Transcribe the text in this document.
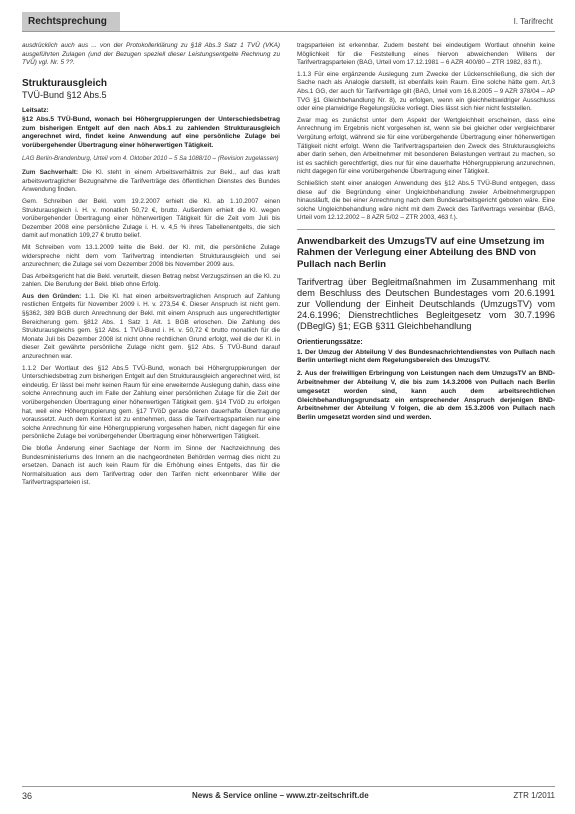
Rechtsprechung	I. Tarifrecht

ausdrücklich auch aus ... von der Protokollerklärung zu §18 Abs.3 Satz 1 TVÜ (VKA) ausgeführten Zulagen (und der Bezugen speziell dieser Leistungsentgelte Rechnung zu TVÜ) vgl. Nr. 5 ??.

Strukturausgleich
TVÜ-Bund §12 Abs.5
Leitsatz:

§12 Abs.5 TVÜ-Bund, wonach bei Höhergruppierungen der Unterschiedsbetrag zum bisherigen Entgelt auf den nach Abs.1 zu zahlenden Strukturausgleich angerechnet wird, findet keine Anwendung auf eine persönliche Zulage bei vorübergehender Übertragung einer höherwertigen Tätigkeit.

LAG Berlin-Brandenburg, Urteil vom 4. Oktober 2010 – 5 Sa 1088/10 – (Revision zugelassen)

Zum Sachverhalt: Die Kl. steht in einem Arbeitsverhältnis zur Bekl., auf das kraft arbeitsvertraglicher Bezugnahme die Tarifverträge des öffentlichen Dienstes des Bundes Anwendung finden.

Gem. Schreiben der Bekl. vom 19.2.2007 erhielt die Kl. ab 1.10.2007 einen Strukturausgleich i. H. v. monatlich 50,72 €, brutto. Außerdem erhielt die Kl. wegen vorübergehender Übertragung einer höherwertigen Tätigkeit für die Zeit vom Juli bis Dezember 2008 eine persönliche Zulage i. H. v. 4,5 % ihres Tabellenentgelts, die sich damit auf monatlich 109,27 € brutto belief.

Mit Schreiben vom 13.1.2009 teilte die Bekl. der Kl. mit, die persönliche Zulage widerspreche nicht dem vom Tarifvertrag intendierten Strukturausgleich und sei anzurechnen; die Zulage sei vom Dezember 2008 bis November 2009 aus.

Das Arbeitsgericht hat die Bekl. verurteilt, diesen Betrag nebst Verzugszinsen an die Kl. zu zahlen. Die Berufung der Bekl. blieb ohne Erfolg.

Aus den Gründen: 1.1. Die Kl. hat einen arbeitsvertraglichen Anspruch auf Zahlung restlichen Entgelts für November 2009 i. H. v. 273,54 €. Dieser Anspruch ist nicht gem. §§362, 389 BGB durch Anrechnung der Bekl. mit einem Anspruch aus ungerechtfertigter Bereicherung gem. §812 Abs. 1 Satz 1 Alt. 1 BGB erloschen. Die Zahlung des Strukturausgleichs gem. §12 Abs. 1 TVÜ-Bund i. H. v. 50,72 € brutto monatlich für die Monate Juli bis Dezember 2008 ist nicht ohne rechtlichen Grund erfolgt, weil die der Kl. in dieser Zeit gewährte persönliche Zulage nicht gem. §12 Abs. 5 TVÜ-Bund darauf anzurechnen war.

1.1.2 Der Wortlaut des §12 Abs.5 TVÜ-Bund, wonach bei Höhergruppierungen der Unterschiedsbetrag zum bisherigen Entgelt auf den Strukturausgleich angerechnet wird, ist eindeutig. Er lässt bei mehr keinen Raum für eine erweiternde Auslegung dahin, dass eine solche Anrechnung auch im Falle der Zahlung einer persönlichen Zulage für die Zeit der vorübergehenden Übertragung einer höherwertigen Tätigkeit gem. §14 TVöD zu erfolgen hat, weil eine Höhergruppierung gem. §17 TVöD gerade deren dauerhafte Übertragung voraussetzt. Auch dem Kontext ist zu entnehmen, dass die Tarifvertragsparteien nur eine solche Anrechnung für eine Höhergruppierung vorgesehen haben, nicht dagegen für eine persönliche Zulage bei vorübergehender Übertragung einer höherwertigen Tätigkeit.

Die bloße Änderung einer Sachlage der Norm im Sinne der Nachzeichnung des Bundesministeriums des Innern an die nachgeordneten Behörden vermag dies nicht zu ersetzen. Danach ist auch kein Raum für die Erhöhung eines Entgelts, das für die Normalsituation aus dem Tarifvertrag oder den Tarifen nicht erkennbarer Wille der Tarifvertragsparteien ist.

tragsparteien ist erkennbar. Zudem besteht bei eindeutigem Wortlaut ohnehin keine Möglichkeit für die Feststellung eines hiervon abweichenden Willens der Tarifvertragsparteien (BAG, Urteil vom 17.12.1981 – 6 AZR 400/80 – ZTR 1982, 83 ff.).

1.1.3 Für eine ergänzende Auslegung zum Zwecke der Lückenschließung, die sich der Sache nach als Analogie darstellt, ist ebenfalls kein Raum. Eine solche hätte gem. Art.3 Abs.1 GG, der auch für Tarifverträge gilt (BAG, Urteil vom 16.8.2005 – 9 AZR 378/04 – AP TVG §1 Gleichbehandlung Nr. 8), zu erfolgen, wenn ein gleichheitswidriger Ausschluss oder eine planwidrige Regelungslücke vorliegt. Dies lässt sich hier nicht feststellen.

Zwar mag es zunächst unter dem Aspekt der Wertgleichheit erscheinen, dass eine Anrechnung im Ergebnis nicht vorgesehen ist, wenn sie bei gleicher oder vergleichbarer Vergütung erfolgt, während sie für eine vorübergehende Übertragung einer höherwertigen Tätigkeit nicht erfolgt. Wenn die Tarifvertragsparteien den Zweck des Strukturausgleichs aber darin sehen, den Arbeitnehmer mit besonderen Belastungen vertraut zu machen, so ist es sachlich gerechtfertigt, dies nur für eine dauerhafte Höhergruppierung anzurechnen, nicht dagegen für eine vorübergehende Übertragung einer Tätigkeit.

Schließlich steht einer analogen Anwendung des §12 Abs.5 TVÜ-Bund entgegen, dass diese auf die Begründung einer Ungleichbehandlung zweier Arbeitnehmergruppen hinausläuft, die bei einer Anrechnung nach dem Bundesarbeitsgericht geboten wäre. Eine solche Ungleichbehandlung wäre nicht mit dem Zweck des Tarifvertrags vereinbar (BAG, Urteil vom 12.12.2002 – 8 AZR 5/02 – ZTR 2003, 463 f.).

Anwendbarkeit des UmzugsTV auf eine Umsetzung im Rahmen der Verlegung einer Abteilung des BND von Pullach nach Berlin

Tarifvertrag über Begleitmaßnahmen im Zusammenhang mit dem Beschluss des Deutschen Bundestages vom 20.6.1991 zur Vollendung der Einheit Deutschlands (UmzugsTV) vom 24.6.1996; Dienstrechtliches Begleitgesetz vom 30.7.1996 (DBeglG) §1; EGB §311 Gleichbehandlung

Orientierungssätze:

1. Der Umzug der Abteilung V des Bundesnachrichtendienstes von Pullach nach Berlin unterliegt nicht dem Regelungsbereich des UmzugsTV.

2. Aus der freiwilligen Erbringung von Leistungen nach dem UmzugsTV an BND-Arbeitnehmer der Abteilung V, die bis zum 14.3.2006 von Pullach nach Berlin umgesetzt worden sind, kann auch dem arbeitsrechtlichen Gleichbehandlungsgrundsatz ein entsprechender Anspruch derjenigen BND-Arbeitnehmer der Abteilung V folgen, die ab dem 15.3.2006 von Pullach nach Berlin umgesetzt worden sind und werden.

36	News & Service online – www.ztr-zeitschrift.de	ZTR 1/2011
